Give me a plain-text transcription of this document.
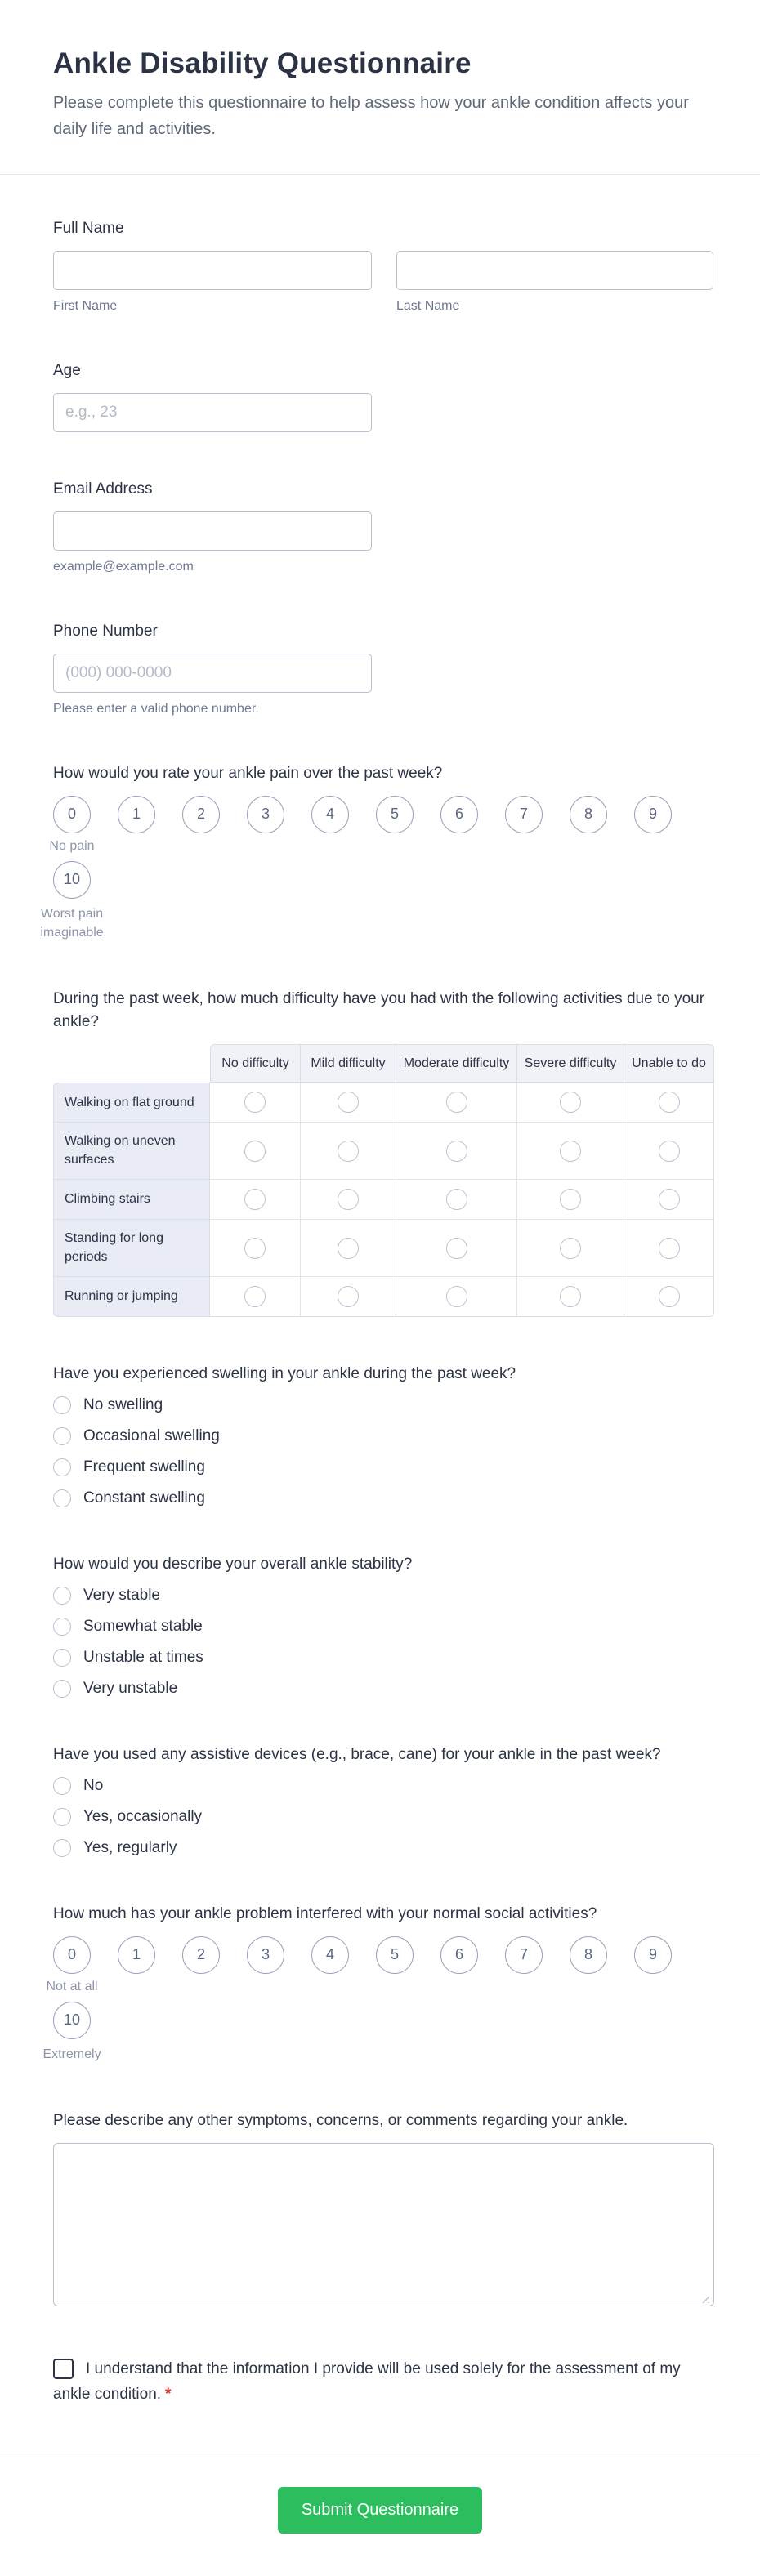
Ankle Disability Questionnaire
Please complete this questionnaire to help assess how your ankle condition affects your daily life and activities.
Full Name
First Name	Last Name
Age
e.g., 23
Email Address
example@example.com
Phone Number
(000) 000-0000
Please enter a valid phone number.
How would you rate your ankle pain over the past week?
0	1	2	3	4	5	6	7	8	9
No pain
10
Worst pain imaginable
During the past week, how much difficulty have you had with the following activities due to your ankle?
	No difficulty	Mild difficulty	Moderate difficulty	Severe difficulty	Unable to do
Walking on flat ground					
Walking on uneven surfaces					
Climbing stairs					
Standing for long periods					
Running or jumping					
Have you experienced swelling in your ankle during the past week?
No swelling
Occasional swelling
Frequent swelling
Constant swelling
How would you describe your overall ankle stability?
Very stable
Somewhat stable
Unstable at times
Very unstable
Have you used any assistive devices (e.g., brace, cane) for your ankle in the past week?
No
Yes, occasionally
Yes, regularly
How much has your ankle problem interfered with your normal social activities?
0	1	2	3	4	5	6	7	8	9
Not at all
10
Extremely
Please describe any other symptoms, concerns, or comments regarding your ankle.
I understand that the information I provide will be used solely for the assessment of my ankle condition. *
Submit Questionnaire
